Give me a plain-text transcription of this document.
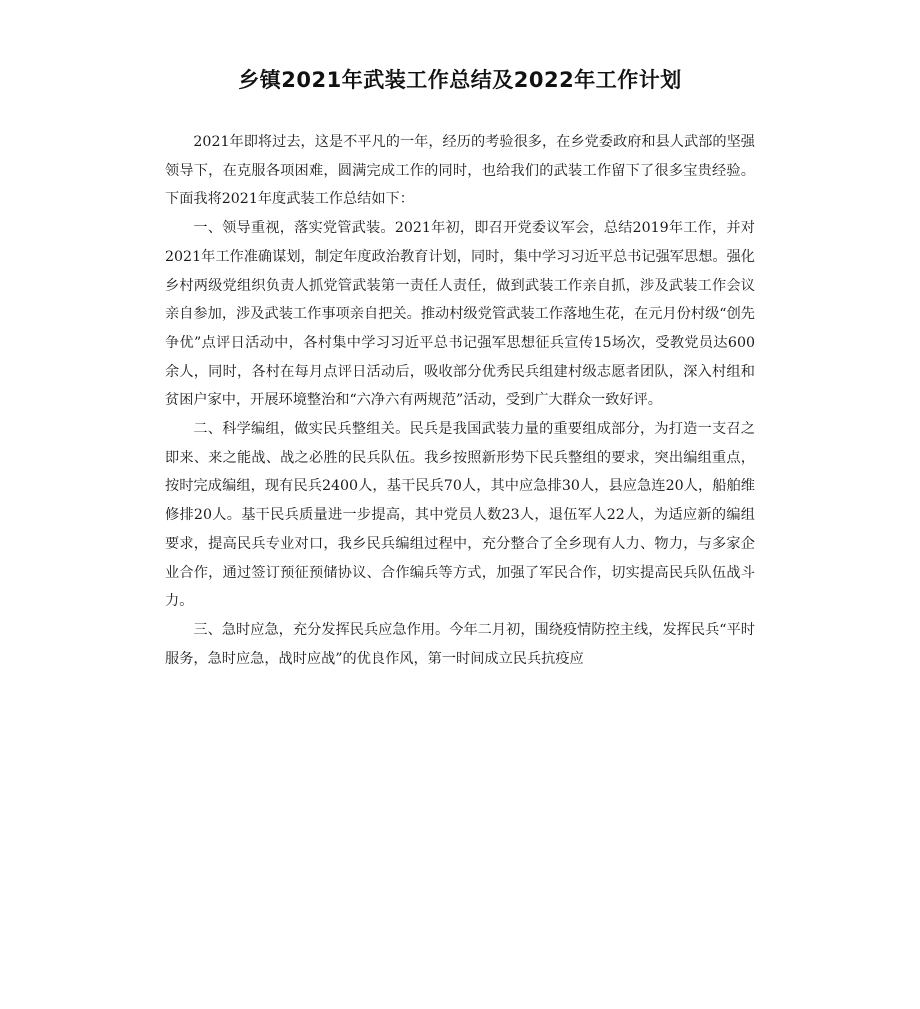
乡镇2021年武装工作总结及2022年工作计划

2021年即将过去，这是不平凡的一年，经历的考验很多，在乡党委政府和县人武部的坚强领导下，在克服各项困难，圆满完成工作的同时，也给我们的武装工作留下了很多宝贵经验。下面我将2021年度武装工作总结如下：

一、领导重视，落实党管武装。2021年初，即召开党委议军会，总结2019年工作，并对2021年工作准确谋划，制定年度政治教育计划，同时，集中学习习近平总书记强军思想。强化乡村两级党组织负责人抓党管武装第一责任人责任，做到武装工作亲自抓，涉及武装工作会议亲自参加，涉及武装工作事项亲自把关。推动村级党管武装工作落地生花，在元月份村级“创先争优”点评日活动中，各村集中学习习近平总书记强军思想征兵宣传15场次，受教党员达600余人，同时，各村在每月点评日活动后，吸收部分优秀民兵组建村级志愿者团队，深入村组和贫困户家中，开展环境整治和“六净六有两规范”活动，受到广大群众一致好评。

二、科学编组，做实民兵整组关。民兵是我国武装力量的重要组成部分，为打造一支召之即来、来之能战、战之必胜的民兵队伍。我乡按照新形势下民兵整组的要求，突出编组重点，按时完成编组，现有民兵2400人，基干民兵70人，其中应急排30人，县应急连20人，船舶维修排20人。基干民兵质量进一步提高，其中党员人数23人，退伍军人22人，为适应新的编组要求，提高民兵专业对口，我乡民兵编组过程中，充分整合了全乡现有人力、物力，与多家企业合作，通过签订预征预储协议、合作编兵等方式，加强了军民合作，切实提高民兵队伍战斗力。

三、急时应急，充分发挥民兵应急作用。今年二月初，围绕疫情防控主线，发挥民兵“平时服务，急时应急，战时应战”的优良作风，第一时间成立民兵抗疫应
